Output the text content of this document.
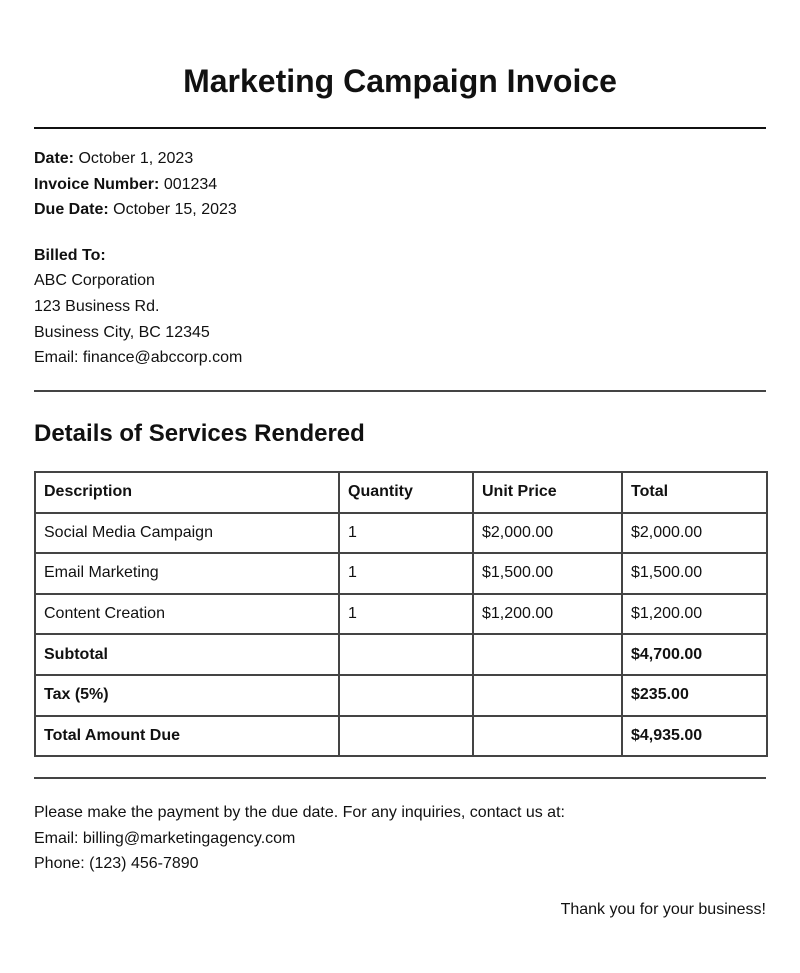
Marketing Campaign Invoice
Date: October 1, 2023
Invoice Number: 001234
Due Date: October 15, 2023
Billed To:
ABC Corporation
123 Business Rd.
Business City, BC 12345
Email: finance@abccorp.com
Details of Services Rendered
Description	Quantity	Unit Price	Total
Social Media Campaign	1	$2,000.00	$2,000.00
Email Marketing	1	$1,500.00	$1,500.00
Content Creation	1	$1,200.00	$1,200.00
Subtotal			$4,700.00
Tax (5%)			$235.00
Total Amount Due			$4,935.00
Please make the payment by the due date. For any inquiries, contact us at:
Email: billing@marketingagency.com
Phone: (123) 456-7890
Thank you for your business!
